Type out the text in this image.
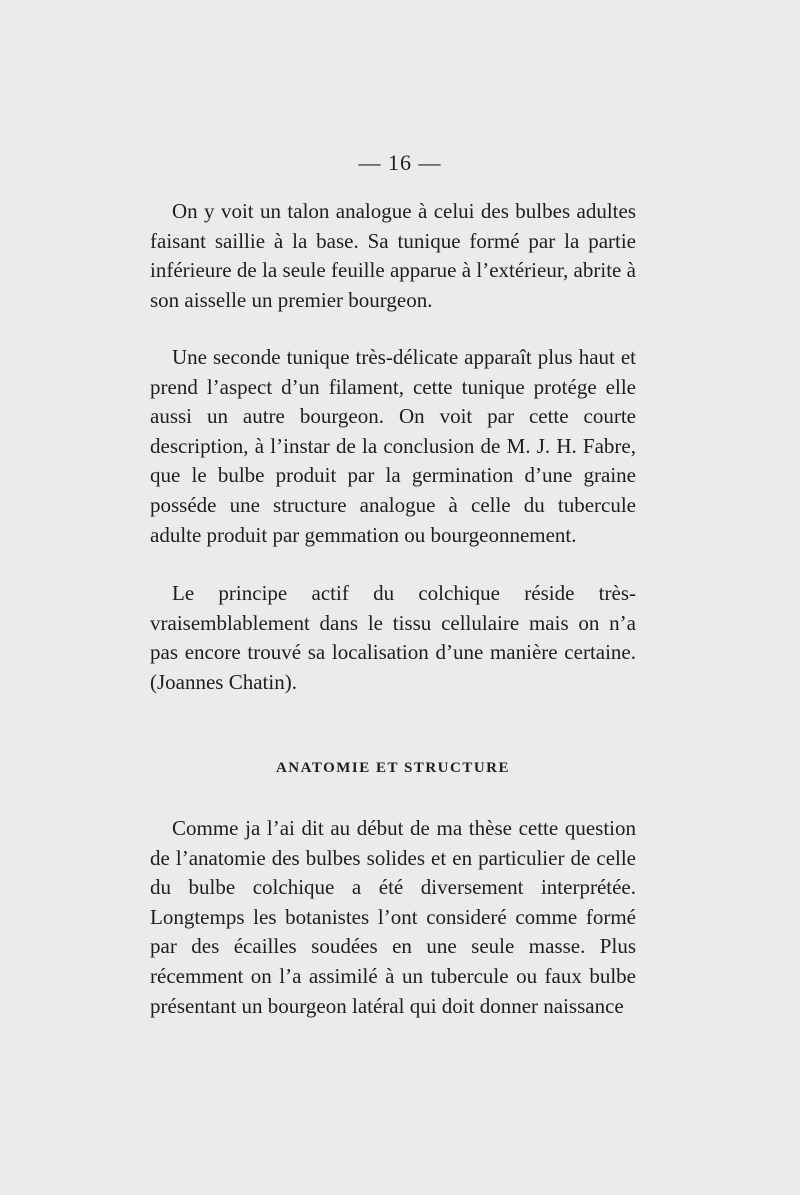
— 16 —

On y voit un talon analogue à celui des bulbes adultes faisant saillie à la base. Sa tunique formé par la partie inférieure de la seule feuille apparue à l’extérieur, abrite à son aisselle un premier bourgeon.

Une seconde tunique très-délicate apparaît plus haut et prend l’aspect d’un filament, cette tunique protége elle aussi un autre bourgeon. On voit par cette courte description, à l’instar de la conclusion de M. J. H. Fabre, que le bulbe produit par la germination d’une graine posséde une structure analogue à celle du tubercule adulte produit par gemmation ou bourgeonnement.

Le principe actif du colchique réside très-vraisemblablement dans le tissu cellulaire mais on n’a pas encore trouvé sa localisation d’une manière certaine. (Joannes Chatin).

ANATOMIE ET STRUCTURE

Comme ja l’ai dit au début de ma thèse cette question de l’anatomie des bulbes solides et en particulier de celle du bulbe colchique a été diversement interprétée. Longtemps les botanistes l’ont consideré comme formé par des écailles soudées en une seule masse. Plus récemment on l’a assimilé à un tubercule ou faux bulbe présentant un bourgeon latéral qui doit donner naissance
